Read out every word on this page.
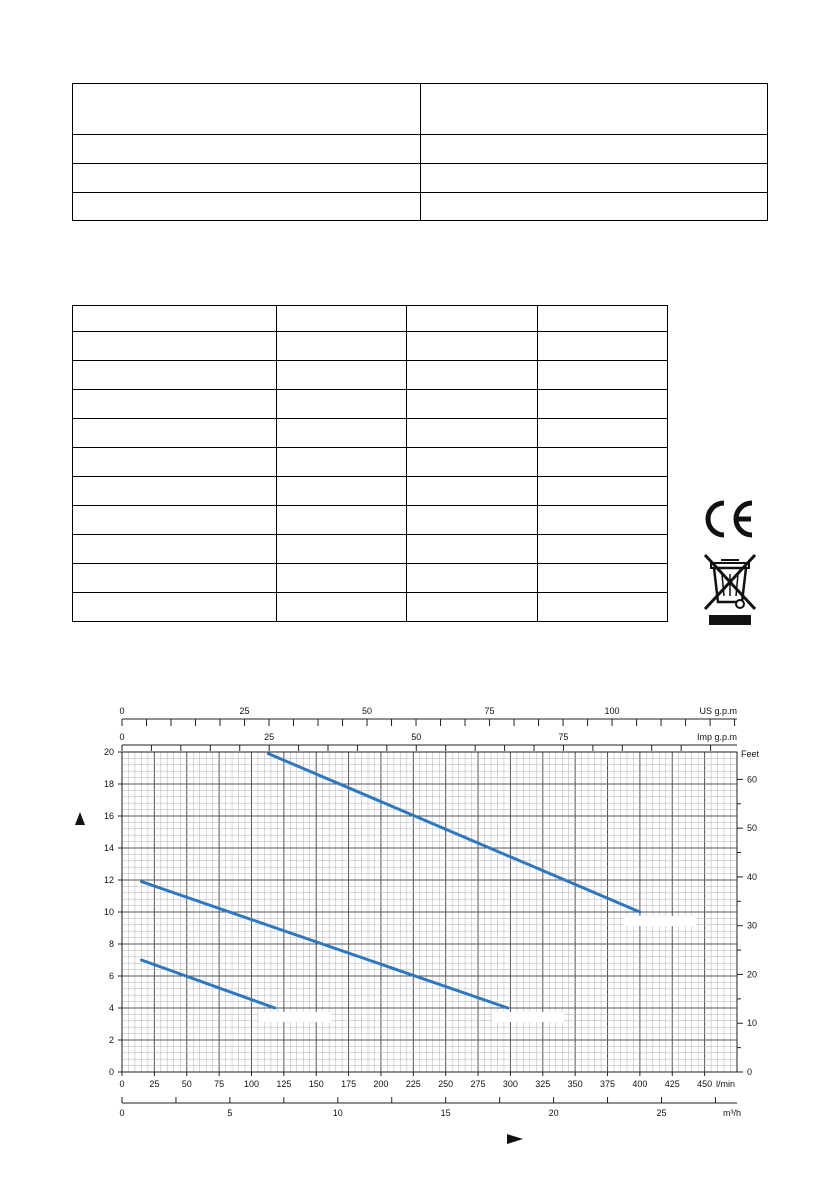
0
2
4
6
8
10
12
14
16
18
20
0	25 50 75 100 125 150 175 200 225 250 275 300 325 350 375 400 425 450 l/min
0
10
20
30
40
50
60
Feet
0	5	10	15	20	25	m³/h
0	25	50	75	100	US g.p.m
0	25	50	75	Imp g.p.m
